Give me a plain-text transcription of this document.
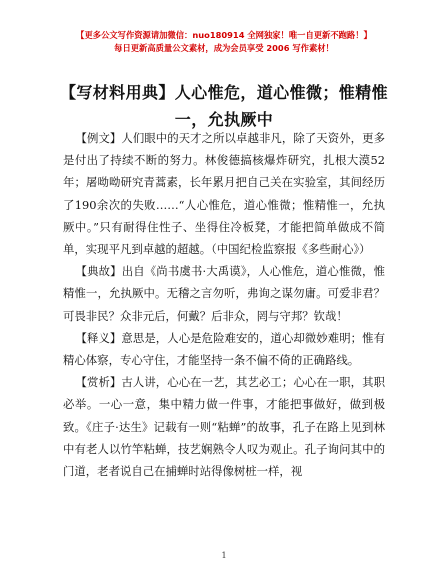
【更多公文写作资源请加微信：nuo180914 全网独家！唯一自更新不跑路！】
每日更新高质量公文素材，成为会员享受 2006 写作素材！
【写材料用典】人心惟危，道心惟微；惟精惟一，允执厥中

【例文】人们眼中的天才之所以卓越非凡，除了天资外，更多是付出了持续不断的努力。林俊德搞核爆炸研究，扎根大漠52年；屠呦呦研究青蒿素，长年累月把自己关在实验室，其间经历了190余次的失败……“人心惟危，道心惟微；惟精惟一，允执厥中。”只有耐得住性子、坐得住冷板凳，才能把简单做成不简单，实现平凡到卓越的超越。（中国纪检监察报《多些耐心》）

【典故】出自《尚书虞书·大禹谟》，人心惟危，道心惟微，惟精惟一，允执厥中。无稽之言勿听，弗询之谋勿庸。可爱非君？可畏非民？众非元后，何戴？后非众，罔与守邦？钦哉！

【释义】意思是，人心是危险难安的，道心却微妙难明；惟有精心体察，专心守住，才能坚持一条不偏不倚的正确路线。

【赏析】古人讲，心心在一艺，其艺必工；心心在一职，其职必举。一心一意，集中精力做一件事，才能把事做好，做到极致。《庄子·达生》记载有一则“粘蝉”的故事，孔子在路上见到林中有老人以竹竿粘蝉，技艺娴熟令人叹为观止。孔子询问其中的门道，老者说自己在捕蝉时站得像树桩一样，视

1
